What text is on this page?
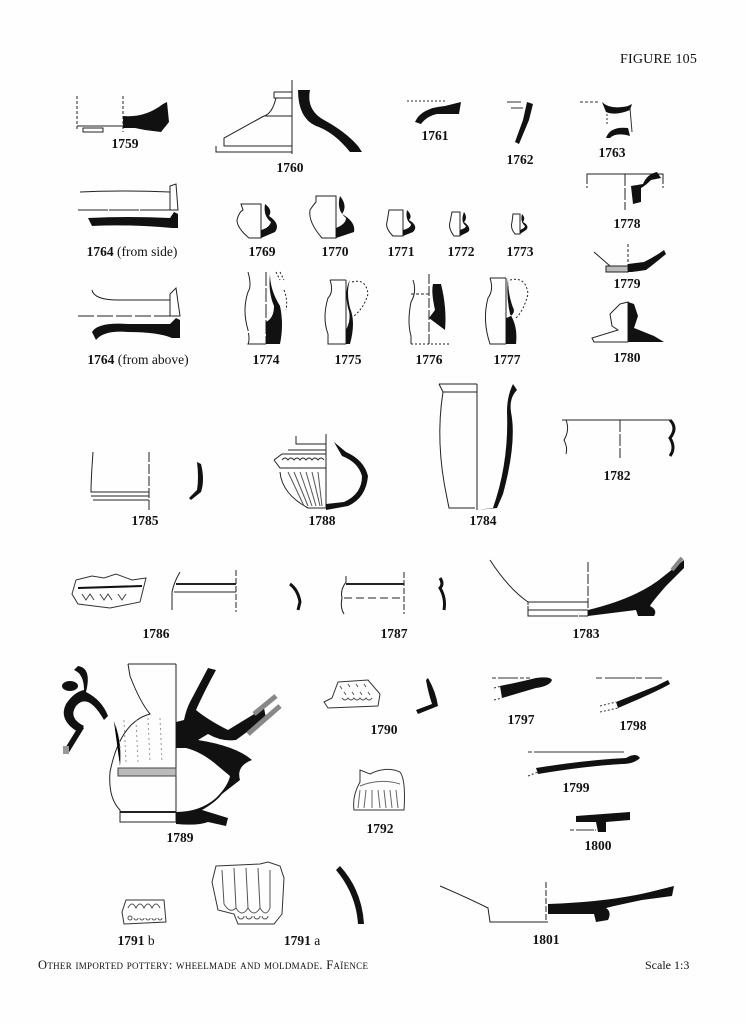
FIGURE 105
1759
1760
1761
1762	1763
1764 (from side)	1769	1770	1771 1772 1773
1778
1779
1764 (from above)	1774	1775	1776	1777	1780
1782
1785	1788	1784
1786	1787	1783
1789
1790
1792
1797	1798
1799
1800
1791 b	1791 a	1801
Other imported pottery: wheelmade and moldmade. Faïence	Scale 1:3
